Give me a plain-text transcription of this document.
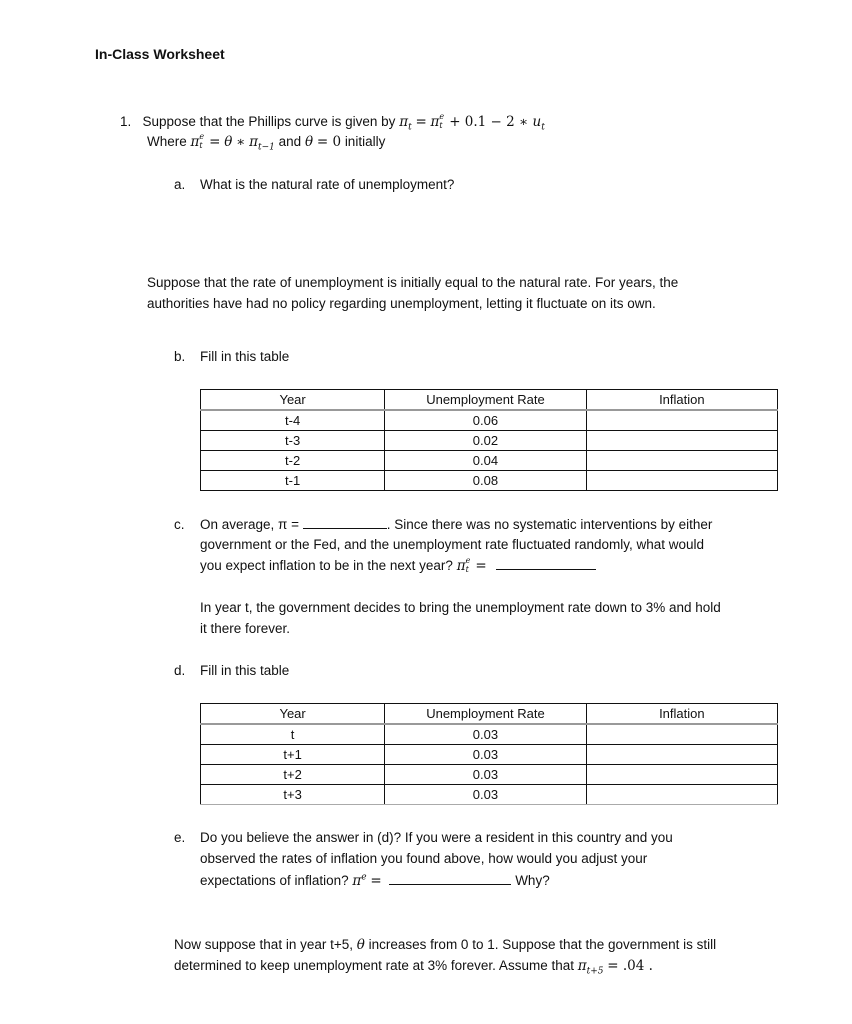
In-Class Worksheet
1. Suppose that the Phillips curve is given by $\pi_t = \pi$ e
t + 0.1 − 2 ∗ $u_t$
Where π e
t = θ ∗ $\pi_{t-1}$ and θ = 0 initially
a. What is the natural rate of unemployment?
Suppose that the rate of unemployment is initially equal to the natural rate. For years, the
authorities have had no policy regarding unemployment, letting it fluctuate on its own.
b. Fill in this table
Year	Unemployment Rate	Inflation
t-4	0.06	
t-3	0.02	
t-2	0.04	
t-1	0.08	
c. On average, π =	. Since there was no systematic interventions by either
government or the Fed, and the unemployment rate fluctuated randomly, what would
you expect inflation to be in the next year? π e
t =
In year t, the government decides to bring the unemployment rate down to 3% and hold
it there forever.
d. Fill in this table
Year	Unemployment Rate	Inflation
t	0.03	
t+1	0.03	
t+2	0.03	
t+3	0.03	
e. Do you believe the answer in (d)? If you were a resident in this country and you
observed the rates of inflation you found above, how would you adjust your
expectations of inflation? $\pi^e$ =	Why?
Now suppose that in year t+5, θ increases from 0 to 1. Suppose that the government is still
determined to keep unemployment rate at 3% forever. Assume that $\pi_{t+5} = .04$ .
